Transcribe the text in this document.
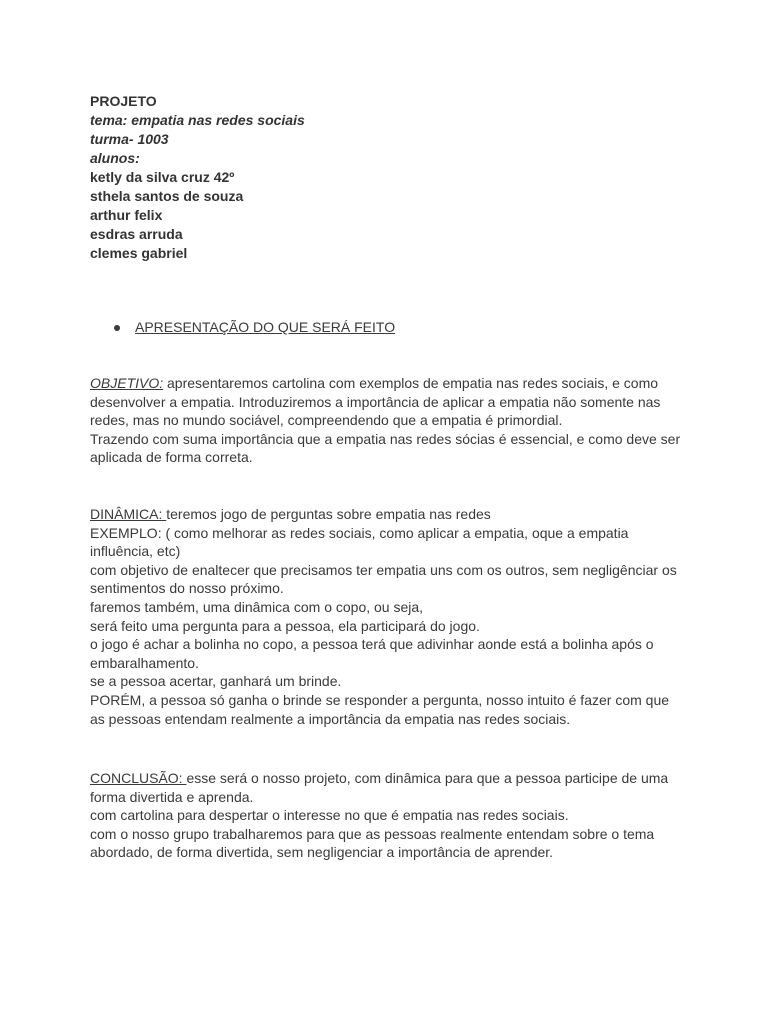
PROJETO
tema: empatia nas redes sociais
turma- 1003
alunos:
ketly da silva cruz 42º
sthela santos de souza
arthur felix
esdras arruda
clemes gabriel
APRESENTAÇÃO DO QUE SERÁ FEITO

OBJETIVO: apresentaremos cartolina com exemplos de empatia nas redes sociais, e como

desenvolver a empatia. Introduziremos a importância de aplicar a empatia não somente nas

redes, mas no mundo sociável, compreendendo que a empatia é primordial.

Trazendo com suma importância que a empatia nas redes sócias é essencial, e como deve ser

aplicada de forma correta.

DINÂMICA: teremos jogo de perguntas sobre empatia nas redes

EXEMPLO: ( como melhorar as redes sociais, como aplicar a empatia, oque a empatia

influência, etc)

com objetivo de enaltecer que precisamos ter empatia uns com os outros, sem negligênciar os

sentimentos do nosso próximo.

faremos também, uma dinâmica com o copo, ou seja,

será feito uma pergunta para a pessoa, ela participará do jogo.

o jogo é achar a bolinha no copo, a pessoa terá que adivinhar aonde está a bolinha após o

embaralhamento.

se a pessoa acertar, ganhará um brinde.

PORÉM, a pessoa só ganha o brinde se responder a pergunta, nosso intuito é fazer com que

as pessoas entendam realmente a importância da empatia nas redes sociais.

CONCLUSÃO: esse será o nosso projeto, com dinâmica para que a pessoa participe de uma

forma divertida e aprenda.

com cartolina para despertar o interesse no que é empatia nas redes sociais.

com o nosso grupo trabalharemos para que as pessoas realmente entendam sobre o tema

abordado, de forma divertida, sem negligenciar a importância de aprender.
